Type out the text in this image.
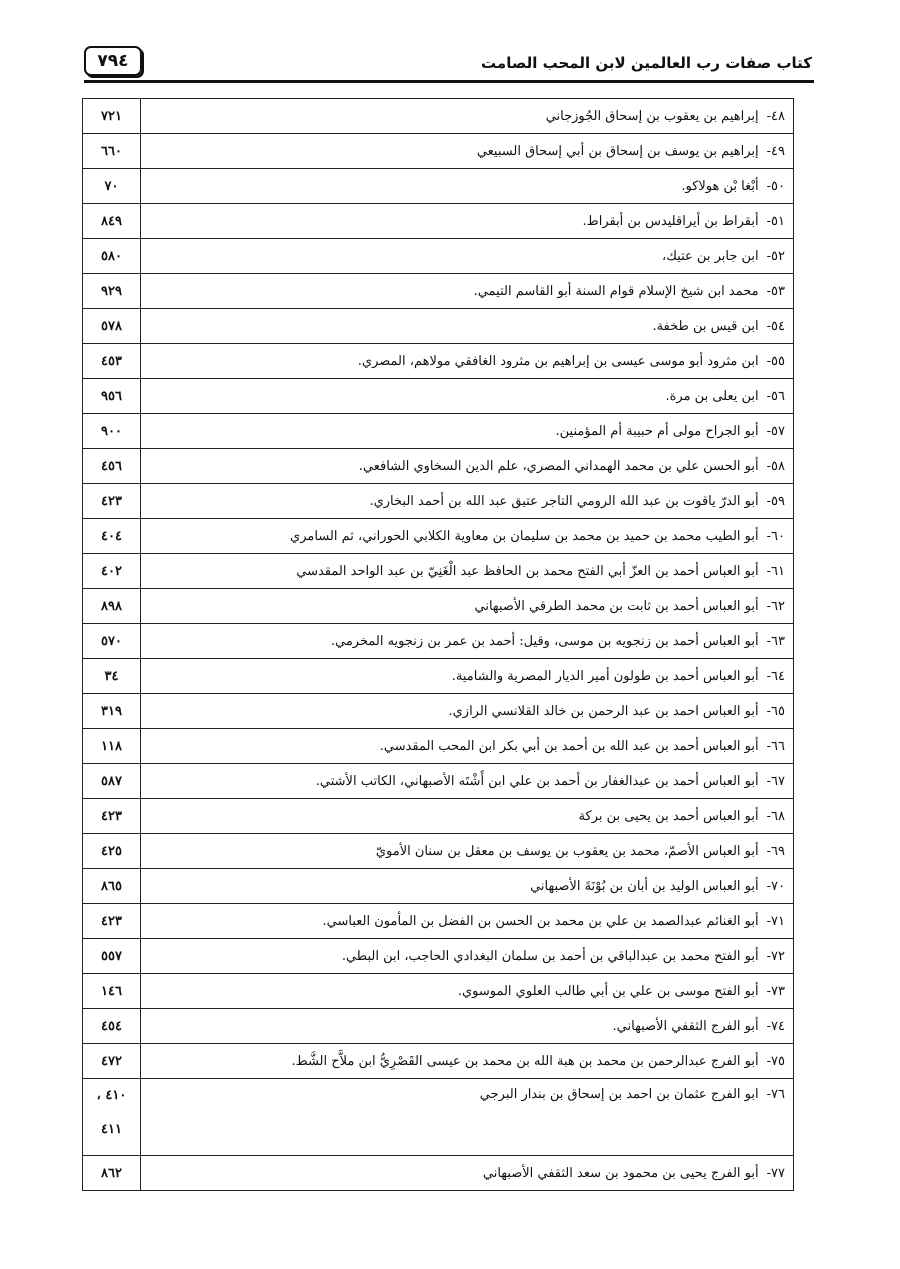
كتاب صفات رب العالمين لابن المحب الصامت
٧٩٤
٤٨-إبراهيم بن يعقوب بن إسحاق الجُوزجاني	٧٢١
٤٩-إبراهيم بن يوسف بن إسحاق بن أبي إسحاق السبيعي	٦٦٠
٥٠-أبْغا بْن هولاكو.	٧٠
٥١-أبقراط بن أيراقليدس بن أبقراط.	٨٤٩
٥٢-ابن جابر بن عتيك،	٥٨٠
٥٣-محمد ابن شيخ الإسلام قوام السنة أبو القاسم التيمي.	٩٢٩
٥٤-ابن قيس بن طخفة.	٥٧٨
٥٥-ابن مثرود أبو موسى عيسى بن إبراهيم بن مثرود الغافقي مولاهم، المصري.	٤٥٣
٥٦-ابن يعلى بن مرة.	٩٥٦
٥٧-أبو الجراح مولى أم حبيبة أم المؤمنين.	٩٠٠
٥٨-أبو الحسن علي بن محمد الهمداني المصري، علم الدين السخاوي الشافعي.	٤٥٦
٥٩-أبو الدرّ ياقوت بن عبد الله الرومي التاجر عتيق عبد الله بن أحمد البخاري.	٤٢٣
٦٠-أبو الطيب محمد بن حميد بن محمد بن سليمان بن معاوية الكلابي الحوراني، ثم السامري	٤٠٤
٦١-أبو العباس أحمد بن العزّ أبي الفتح محمد بن الحافظ عبد الْغَنِيّ بن عبد الواحد المقدسي	٤٠٢
٦٢-أبو العباس أحمد بن ثابت بن محمد الطرقي الأصبهاني	٨٩٨
٦٣-أبو العباس أحمد بن زنجويه بن موسى، وقيل: أحمد بن عمر بن زنجويه المخرمي.	٥٧٠
٦٤-أبو العباس أحمد بن طولون أمير الديار المصرية والشامية.	٣٤
٦٥-أبو العباس احمد بن عبد الرحمن بن خالد القلانسي الرازي.	٣١٩
٦٦-أبو العباس أحمد بن عبد الله بن أحمد بن أبي بكر ابن المحب المقدسي.	١١٨
٦٧-أبو العباس أحمد بن عبدالغفار بن أحمد بن علي ابن أَشْتَه الأصبهاني، الكاتب الأشتي.	٥٨٧
٦٨-أبو العباس أحمد بن يحيى بن بركة	٤٢٣
٦٩-أبو العباس الأصمّ، محمد بن يعقوب بن يوسف بن معقل بن سنان الأمويّ	٤٢٥
٧٠-أبو العباس الوليد بن أبان بن بُوْنَةَ الأصبهاني	٨٦٥
٧١-أبو الغنائم عبدالصمد بن علي بن محمد بن الحسن بن الفضل بن المأمون العباسي.	٤٢٣
٧٢-أبو الفتح محمد بن عبدالباقي بن أحمد بن سلمان البغدادي الحاجب، ابن البطي.	٥٥٧
٧٣-أبو الفتح موسى بن علي بن أبي طالب العلوي الموسوي.	١٤٦
٧٤-أبو الفرج الثقفي الأصبهاني.	٤٥٤
٧٥-أبو الفرج عبدالرحمن بن محمد بن هبة الله بن محمد بن عيسى القَصْرِيُّ ابن ملاَّح الشَّط.	٤٧٢
٧٦-ابو الفرج عثمان بن احمد بن إسحاق بن بندار البرجي	٤١٠ ،
٤١١

٧٧-أبو الفرج يحيى بن محمود بن سعد الثقفي الأصبهاني	٨٦٢
